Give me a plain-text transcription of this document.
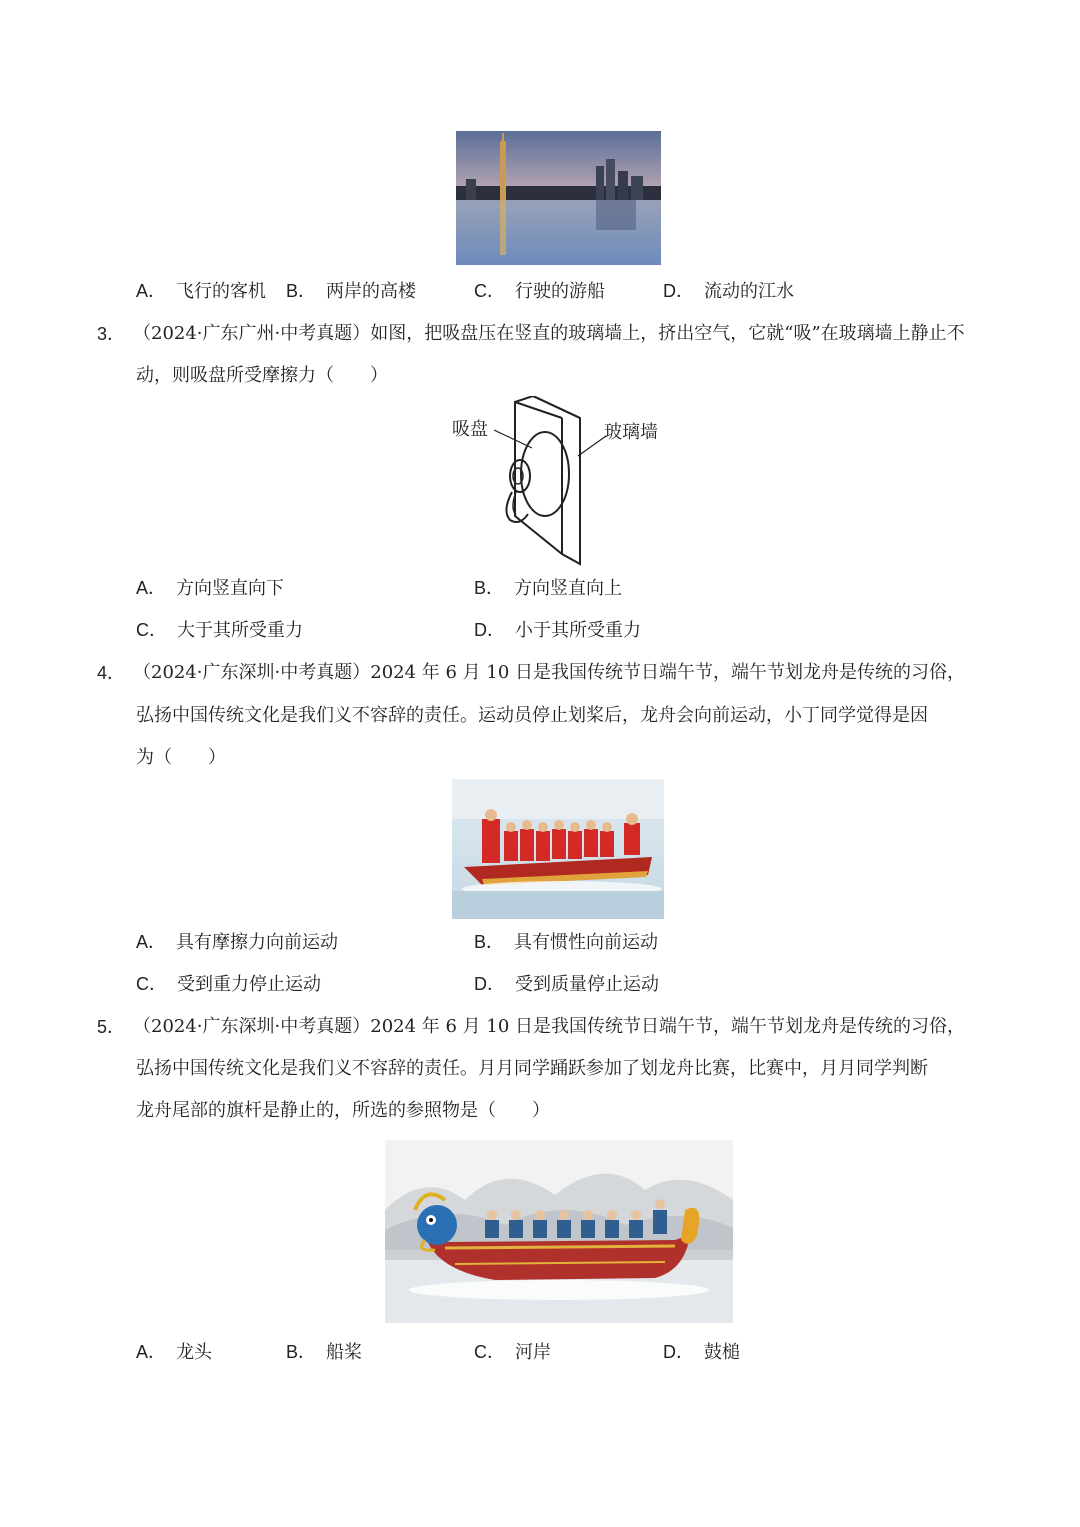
A． 飞行的客机 B． 两岸的高楼	C． 行驶的游船	D． 流动的江水
3． （2024·广东广州·中考真题）如图，把吸盘压在竖直的玻璃墙上，挤出空气，它就“吸”在玻璃墙上静止不
动，则吸盘所受摩擦力（　　）
吸盘	玻璃墙
A． 方向竖直向下	B． 方向竖直向上
C． 大于其所受重力	D． 小于其所受重力
4． （2024·广东深圳·中考真题）2024 年 6 月 10 日是我国传统节日端午节，端午节划龙舟是传统的习俗，
弘扬中国传统文化是我们义不容辞的责任。运动员停止划桨后，龙舟会向前运动，小丁同学觉得是因
为（　　）
A． 具有摩擦力向前运动	B． 具有惯性向前运动
C． 受到重力停止运动	D． 受到质量停止运动
5． （2024·广东深圳·中考真题）2024 年 6 月 10 日是我国传统节日端午节，端午节划龙舟是传统的习俗，
弘扬中国传统文化是我们义不容辞的责任。月月同学踊跃参加了划龙舟比赛，比赛中，月月同学判断
龙舟尾部的旗杆是静止的，所选的参照物是（　　）
A． 龙头	B． 船桨	C． 河岸	D． 鼓槌
